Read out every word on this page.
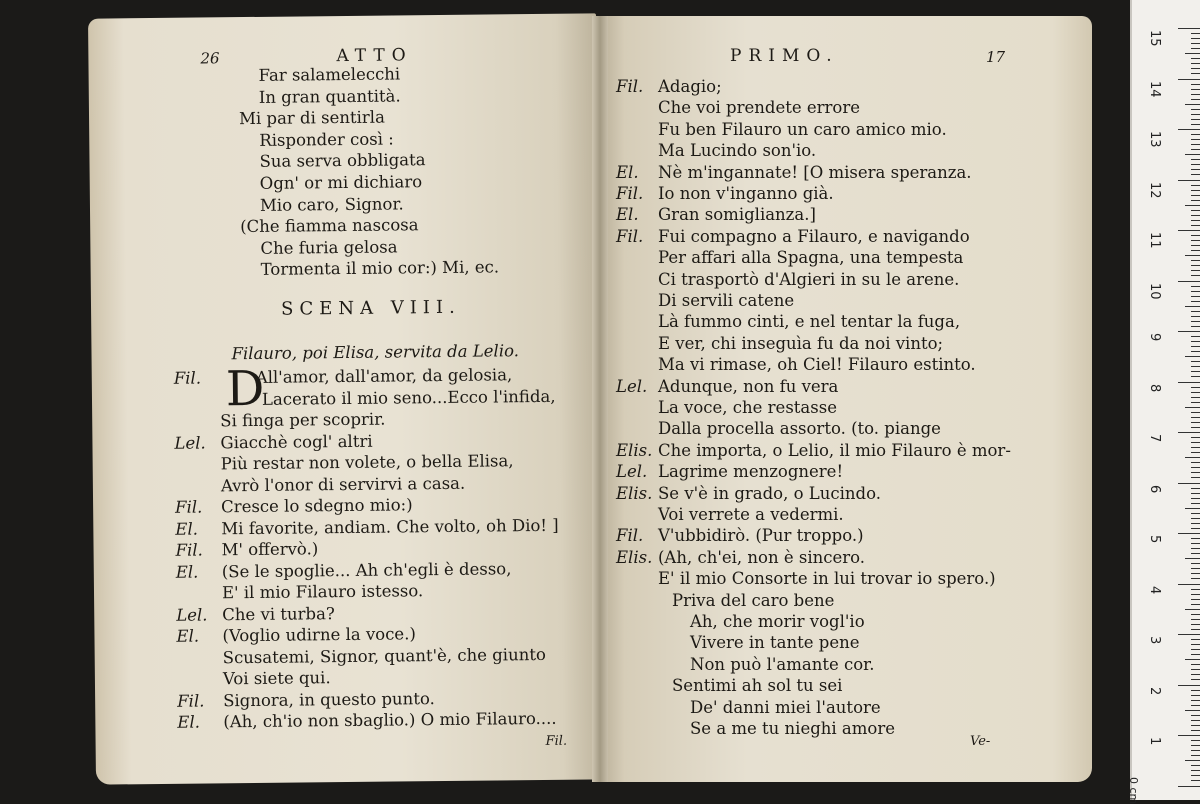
26	ATTO
Far salamelecchi
In gran quantità.
Mi par di sentirla
Risponder così :
Sua serva obbligata
Ogn' or mi dichiaro
Mio caro, Signor.
(Che fiamma nascosa
Che furia gelosa
Tormenta il mio cor:) Mi, ec.
SCENA VIII.
Filauro, poi Elisa, servita da Lelio.
D
Fil.	All'amor, dall'amor, da gelosia,
Lacerato il mio seno...Ecco l'infida,
Si finga per scoprir.
Lel. Giacchè cogl' altri
Più restar non volete, o bella Elisa,
Avrò l'onor di servirvi a casa.
Fil. Cresce lo sdegno mio:)
El. Mi favorite, andiam. Che volto, oh Dio! ]
Fil. M' offervò.)
El. (Se le spoglie... Ah ch'egli è desso,
E' il mio Filauro istesso.
Lel. Che vi turba?
El. (Voglio udirne la voce.)
Scusatemi, Signor, quant'è, che giunto
Voi siete qui.
Fil. Signora, in questo punto.
El. (Ah, ch'io non sbaglio.) O mio Filauro....
Fil.
PRIMO.	17
Fil. Adagio;
Che voi prendete errore
Fu ben Filauro un caro amico mio.
Ma Lucindo son'io.
El. Nè m'ingannate! [O misera speranza.
Fil. Io non v'inganno già.
El. Gran somiglianza.]
Fil. Fui compagno a Filauro, e navigando
Per affari alla Spagna, una tempesta
Ci trasportò d'Algieri in su le arene.
Di servili catene
Là fummo cinti, e nel tentar la fuga,
E ver, chi inseguìa fu da noi vinto;
Ma vi rimase, oh Ciel! Filauro estinto.
Lel. Adunque, non fu vera
La voce, che restasse
Dalla procella assorto. (to. piange
Elis. Che importa, o Lelio, il mio Filauro è mor-
Lel. Lagrime menzognere!
Elis. Se v'è in grado, o Lucindo.
Voi verrete a vedermi.
Fil. V'ubbidirò. (Pur troppo.)
Elis. (Ah, ch'ei, non è sincero.
E' il mio Consorte in lui trovar io spero.)
Priva del caro bene
Ah, che morir vogl'io
Vivere in tante pene
Non può l'amante cor.
Sentimi ah sol tu sei
De' danni miei l'autore
Se a me tu nieghi amore
Ve-
15
14
13
12
11
10
9
8
7
6
5
4
3
2
1
0 cm
